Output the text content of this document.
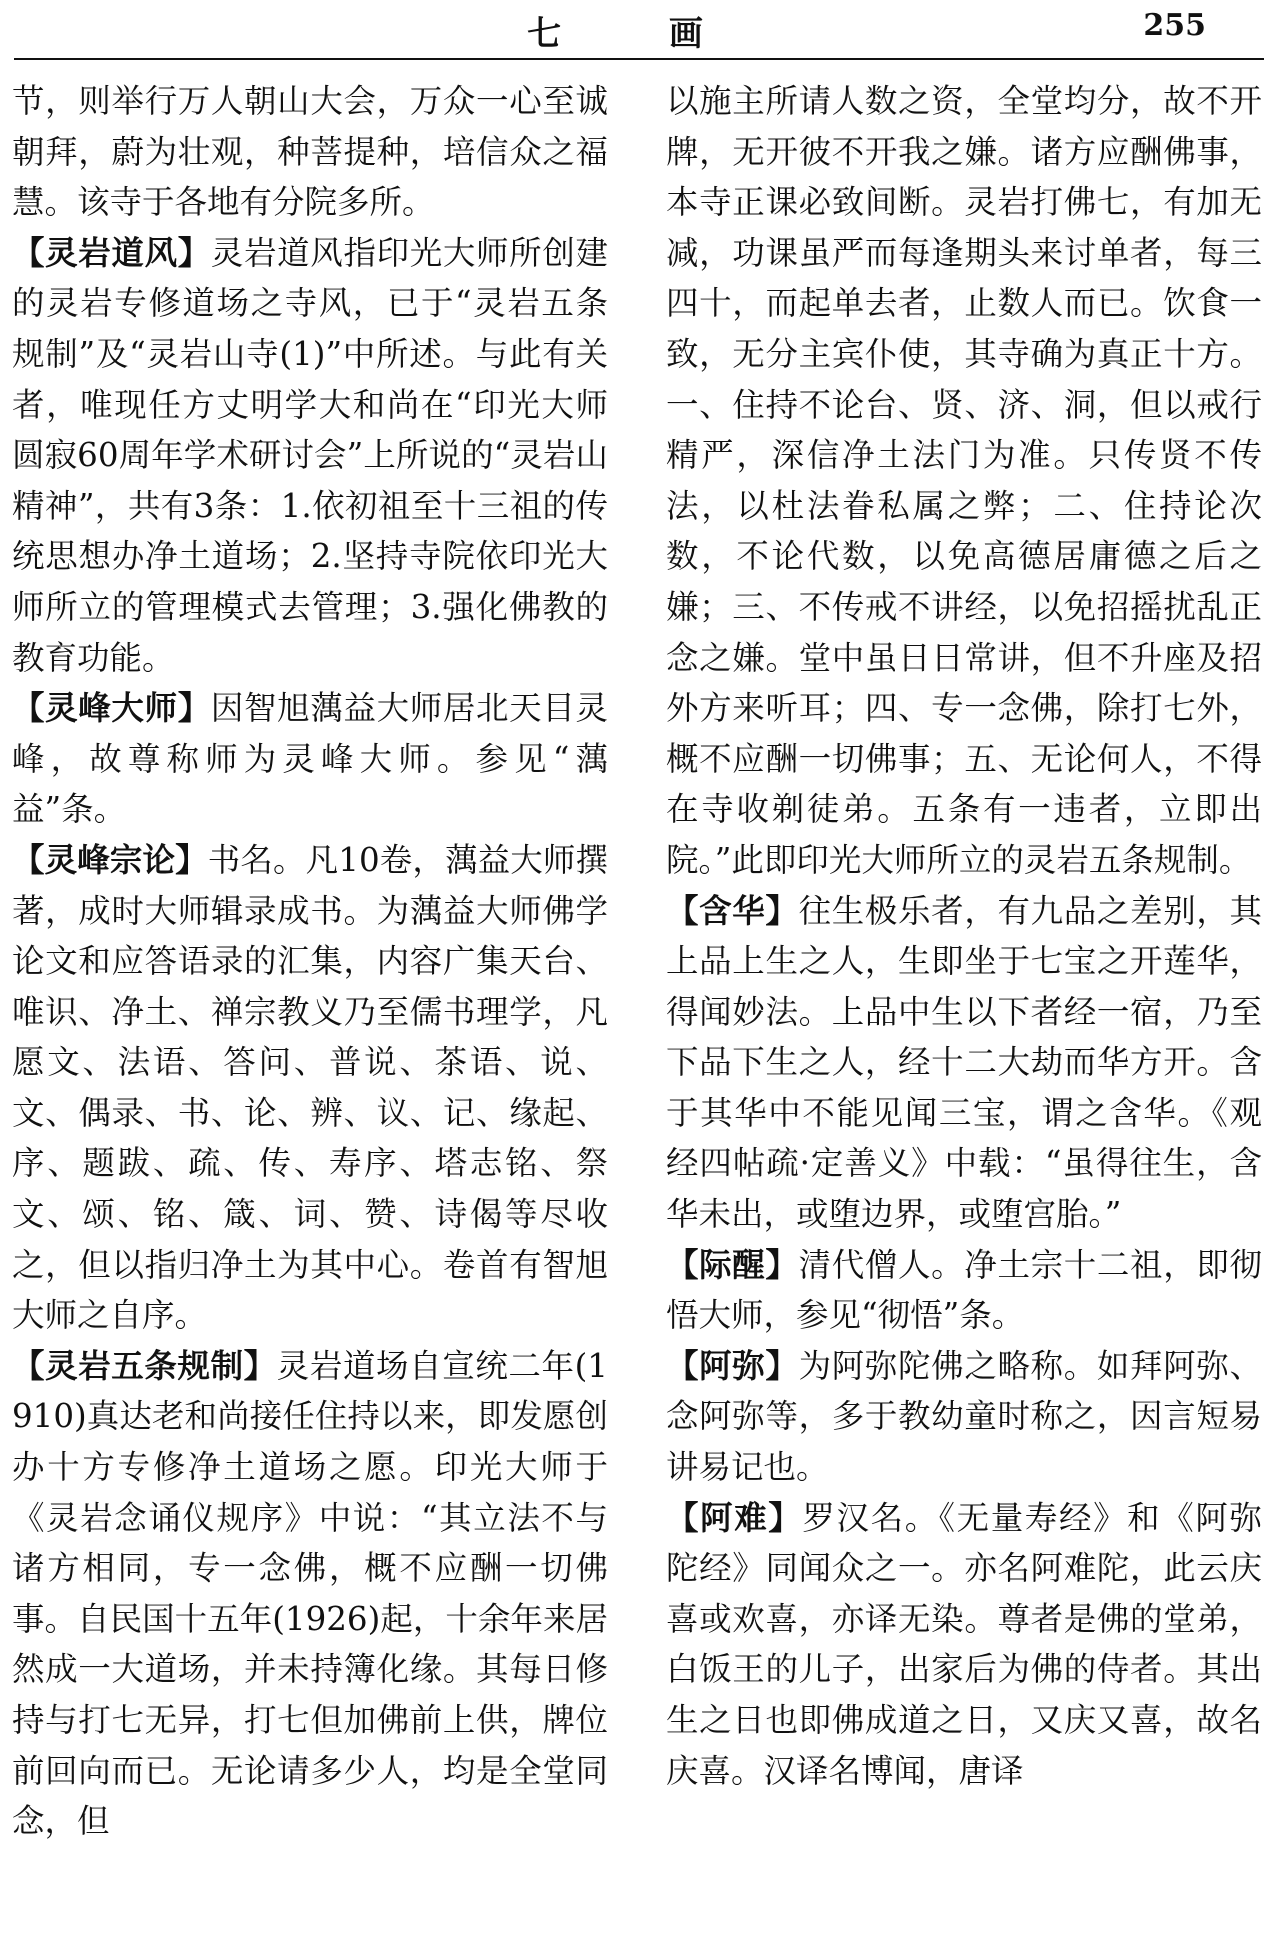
七 画	255

节，则举行万人朝山大会，万众一心至诚朝拜，蔚为壮观，种菩提种，培信众之福慧。该寺于各地有分院多所。

【灵岩道风】灵岩道风指印光大师所创建的灵岩专修道场之寺风，已于“灵岩五条规制”及“灵岩山寺(1)”中所述。与此有关者，唯现任方丈明学大和尚在“印光大师圆寂60周年学术研讨会”上所说的“灵岩山精神”，共有3条：1.依初祖至十三祖的传统思想办净土道场；2.坚持寺院依印光大师所立的管理模式去管理；3.强化佛教的教育功能。

【灵峰大师】因智旭蕅益大师居北天目灵峰，故尊称师为灵峰大师。参见“蕅益”条。

【灵峰宗论】书名。凡10卷，蕅益大师撰著，成时大师辑录成书。为蕅益大师佛学论文和应答语录的汇集，内容广集天台、唯识、净土、禅宗教义乃至儒书理学，凡愿文、法语、答问、普说、茶语、说、文、偶录、书、论、辨、议、记、缘起、序、题跋、疏、传、寿序、塔志铭、祭文、颂、铭、箴、词、赞、诗偈等尽收之，但以指归净土为其中心。卷首有智旭大师之自序。

【灵岩五条规制】灵岩道场自宣统二年(1910)真达老和尚接任住持以来，即发愿创办十方专修净土道场之愿。印光大师于《灵岩念诵仪规序》中说：“其立法不与诸方相同，专一念佛，概不应酬一切佛事。自民国十五年(1926)起，十余年来居然成一大道场，并未持簿化缘。其每日修持与打七无异，打七但加佛前上供，牌位前回向而已。无论请多少人，均是全堂同念，但

以施主所请人数之资，全堂均分，故不开牌，无开彼不开我之嫌。诸方应酬佛事，本寺正课必致间断。灵岩打佛七，有加无减，功课虽严而每逢期头来讨单者，每三四十，而起单去者，止数人而已。饮食一致，无分主宾仆使，其寺确为真正十方。一、住持不论台、贤、济、洞，但以戒行精严，深信净土法门为准。只传贤不传法，以杜法眷私属之弊；二、住持论次数，不论代数，以免高德居庸德之后之嫌；三、不传戒不讲经，以免招摇扰乱正念之嫌。堂中虽日日常讲，但不升座及招外方来听耳；四、专一念佛，除打七外，概不应酬一切佛事；五、无论何人，不得在寺收剃徒弟。五条有一违者，立即出院。”此即印光大师所立的灵岩五条规制。

【含华】往生极乐者，有九品之差别，其上品上生之人，生即坐于七宝之开莲华，得闻妙法。上品中生以下者经一宿，乃至下品下生之人，经十二大劫而华方开。含于其华中不能见闻三宝，谓之含华。《观经四帖疏·定善义》中载：“虽得往生，含华未出，或堕边界，或堕宫胎。”

【际醒】清代僧人。净土宗十二祖，即彻悟大师，参见“彻悟”条。

【阿弥】为阿弥陀佛之略称。如拜阿弥、念阿弥等，多于教幼童时称之，因言短易讲易记也。

【阿难】罗汉名。《无量寿经》和《阿弥陀经》同闻众之一。亦名阿难陀，此云庆喜或欢喜，亦译无染。尊者是佛的堂弟，白饭王的儿子，出家后为佛的侍者。其出生之日也即佛成道之日，又庆又喜，故名庆喜。汉译名博闻，唐译
